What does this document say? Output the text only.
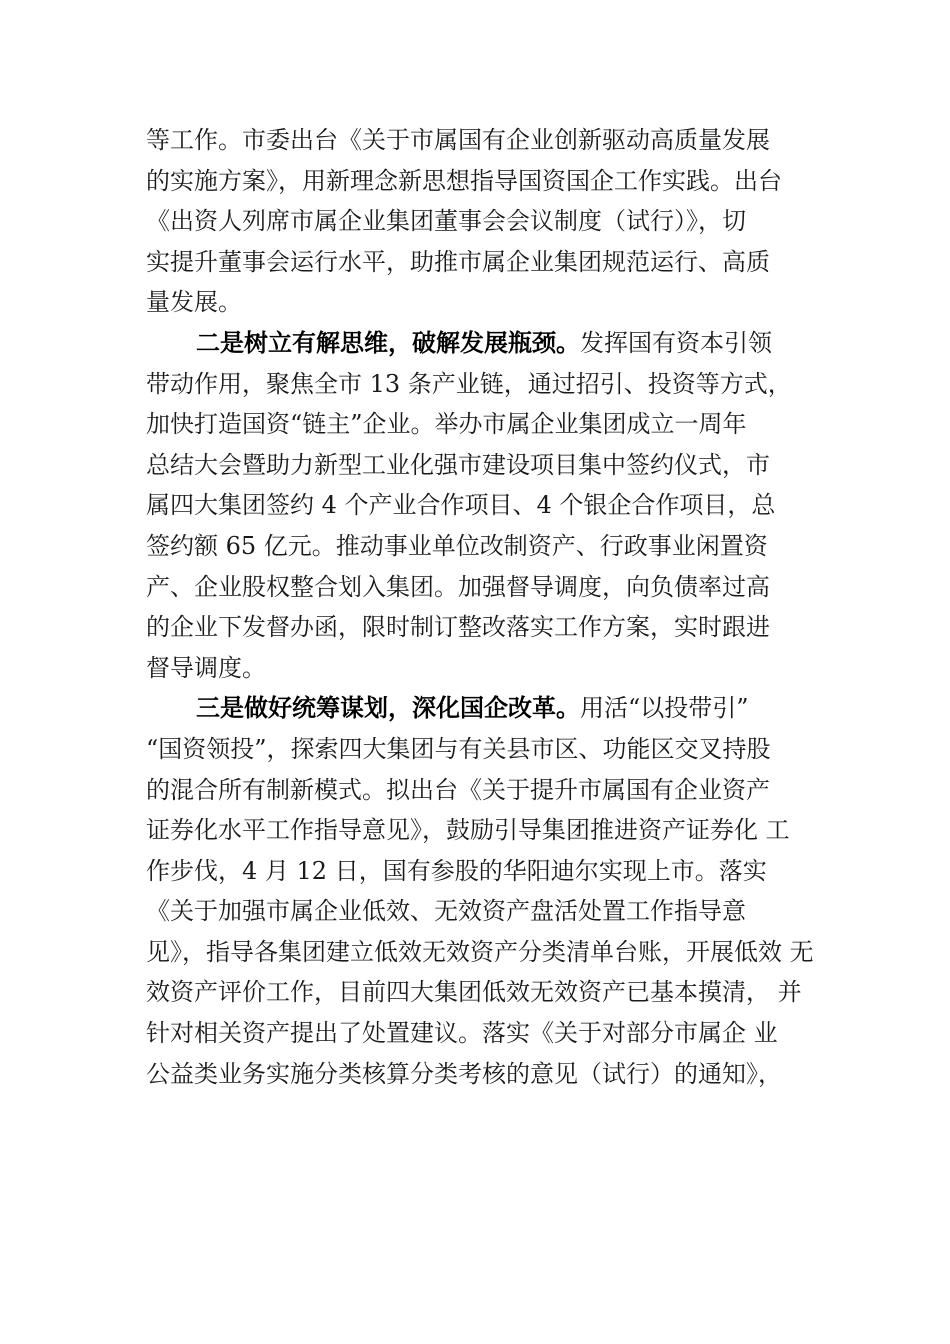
等工作。市委出台《关于市属国有企业创新驱动高质量发展
的实施方案》，用新理念新思想指导国资国企工作实践。出台
《出资人列席市属企业集团董事会会议制度（试行）》，切
实提升董事会运行水平，助推市属企业集团规范运行、高质
量发展。
二是树立有解思维，破解发展瓶颈。发挥国有资本引领
带动作用，聚焦全市 13 条产业链，通过招引、投资等方式，
加快打造国资“链主”企业。举办市属企业集团成立一周年
总结大会暨助力新型工业化强市建设项目集中签约仪式，市
属四大集团签约 4 个产业合作项目、4 个银企合作项目，总
签约额 65 亿元。推动事业单位改制资产、行政事业闲置资
产、企业股权整合划入集团。加强督导调度，向负债率过高
的企业下发督办函，限时制订整改落实工作方案，实时跟进
督导调度。
三是做好统筹谋划，深化国企改革。用活“以投带引”
“国资领投”，探索四大集团与有关县市区、功能区交叉持股
的混合所有制新模式。拟出台《关于提升市属国有企业资产
证券化水平工作指导意见》，鼓励引导集团推进资产证券化 工
作步伐，4 月 12 日，国有参股的华阳迪尔实现上市。落实
《关于加强市属企业低效、无效资产盘活处置工作指导意
见》，指导各集团建立低效无效资产分类清单台账，开展低效 无
效资产评价工作，目前四大集团低效无效资产已基本摸清， 并
针对相关资产提出了处置建议。落实《关于对部分市属企 业
公益类业务实施分类核算分类考核的意见（试行）的通知》，
